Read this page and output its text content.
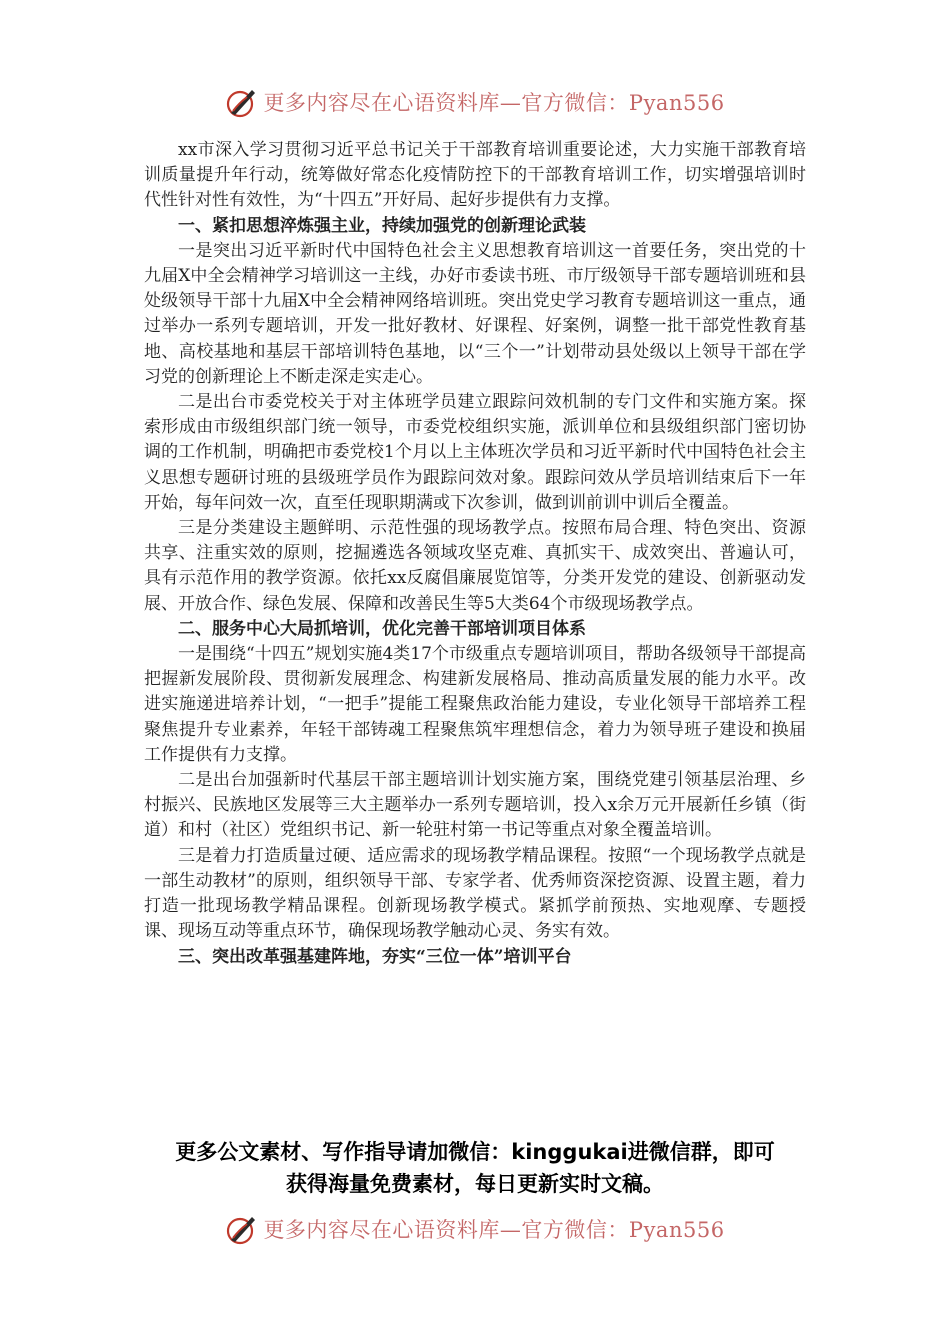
更多内容尽在心语资料库—官方微信：Pyan556

xx市深入学习贯彻习近平总书记关于干部教育培训重要论述，大力实施干部教育培训质量提升年行动，统筹做好常态化疫情防控下的干部教育培训工作，切实增强培训时代性针对性有效性，为“十四五”开好局、起好步提供有力支撑。

一、紧扣思想淬炼强主业，持续加强党的创新理论武装

一是突出习近平新时代中国特色社会主义思想教育培训这一首要任务，突出党的十九届X中全会精神学习培训这一主线，办好市委读书班、市厅级领导干部专题培训班和县处级领导干部十九届X中全会精神网络培训班。突出党史学习教育专题培训这一重点，通过举办一系列专题培训，开发一批好教材、好课程、好案例，调整一批干部党性教育基地、高校基地和基层干部培训特色基地，以“三个一”计划带动县处级以上领导干部在学习党的创新理论上不断走深走实走心。

二是出台市委党校关于对主体班学员建立跟踪问效机制的专门文件和实施方案。探索形成由市级组织部门统一领导，市委党校组织实施，派训单位和县级组织部门密切协调的工作机制，明确把市委党校1个月以上主体班次学员和习近平新时代中国特色社会主义思想专题研讨班的县级班学员作为跟踪问效对象。跟踪问效从学员培训结束后下一年开始，每年问效一次，直至任现职期满或下次参训，做到训前训中训后全覆盖。

三是分类建设主题鲜明、示范性强的现场教学点。按照布局合理、特色突出、资源共享、注重实效的原则，挖掘遴选各领域攻坚克难、真抓实干、成效突出、普遍认可，具有示范作用的教学资源。依托xx反腐倡廉展览馆等，分类开发党的建设、创新驱动发展、开放合作、绿色发展、保障和改善民生等5大类64个市级现场教学点。

二、服务中心大局抓培训，优化完善干部培训项目体系

一是围绕“十四五”规划实施4类17个市级重点专题培训项目，帮助各级领导干部提高把握新发展阶段、贯彻新发展理念、构建新发展格局、推动高质量发展的能力水平。改进实施递进培养计划，“一把手”提能工程聚焦政治能力建设，专业化领导干部培养工程聚焦提升专业素养，年轻干部铸魂工程聚焦筑牢理想信念，着力为领导班子建设和换届工作提供有力支撑。

二是出台加强新时代基层干部主题培训计划实施方案，围绕党建引领基层治理、乡村振兴、民族地区发展等三大主题举办一系列专题培训，投入x余万元开展新任乡镇（街道）和村（社区）党组织书记、新一轮驻村第一书记等重点对象全覆盖培训。

三是着力打造质量过硬、适应需求的现场教学精品课程。按照“一个现场教学点就是一部生动教材”的原则，组织领导干部、专家学者、优秀师资深挖资源、设置主题，着力打造一批现场教学精品课程。创新现场教学模式。紧抓学前预热、实地观摩、专题授课、现场互动等重点环节，确保现场教学触动心灵、务实有效。

三、突出改革强基建阵地，夯实“三位一体”培训平台

更多公文素材、写作指导请加微信：kinggukai进微信群，即可
获得海量免费素材，每日更新实时文稿。
更多内容尽在心语资料库—官方微信：Pyan556
